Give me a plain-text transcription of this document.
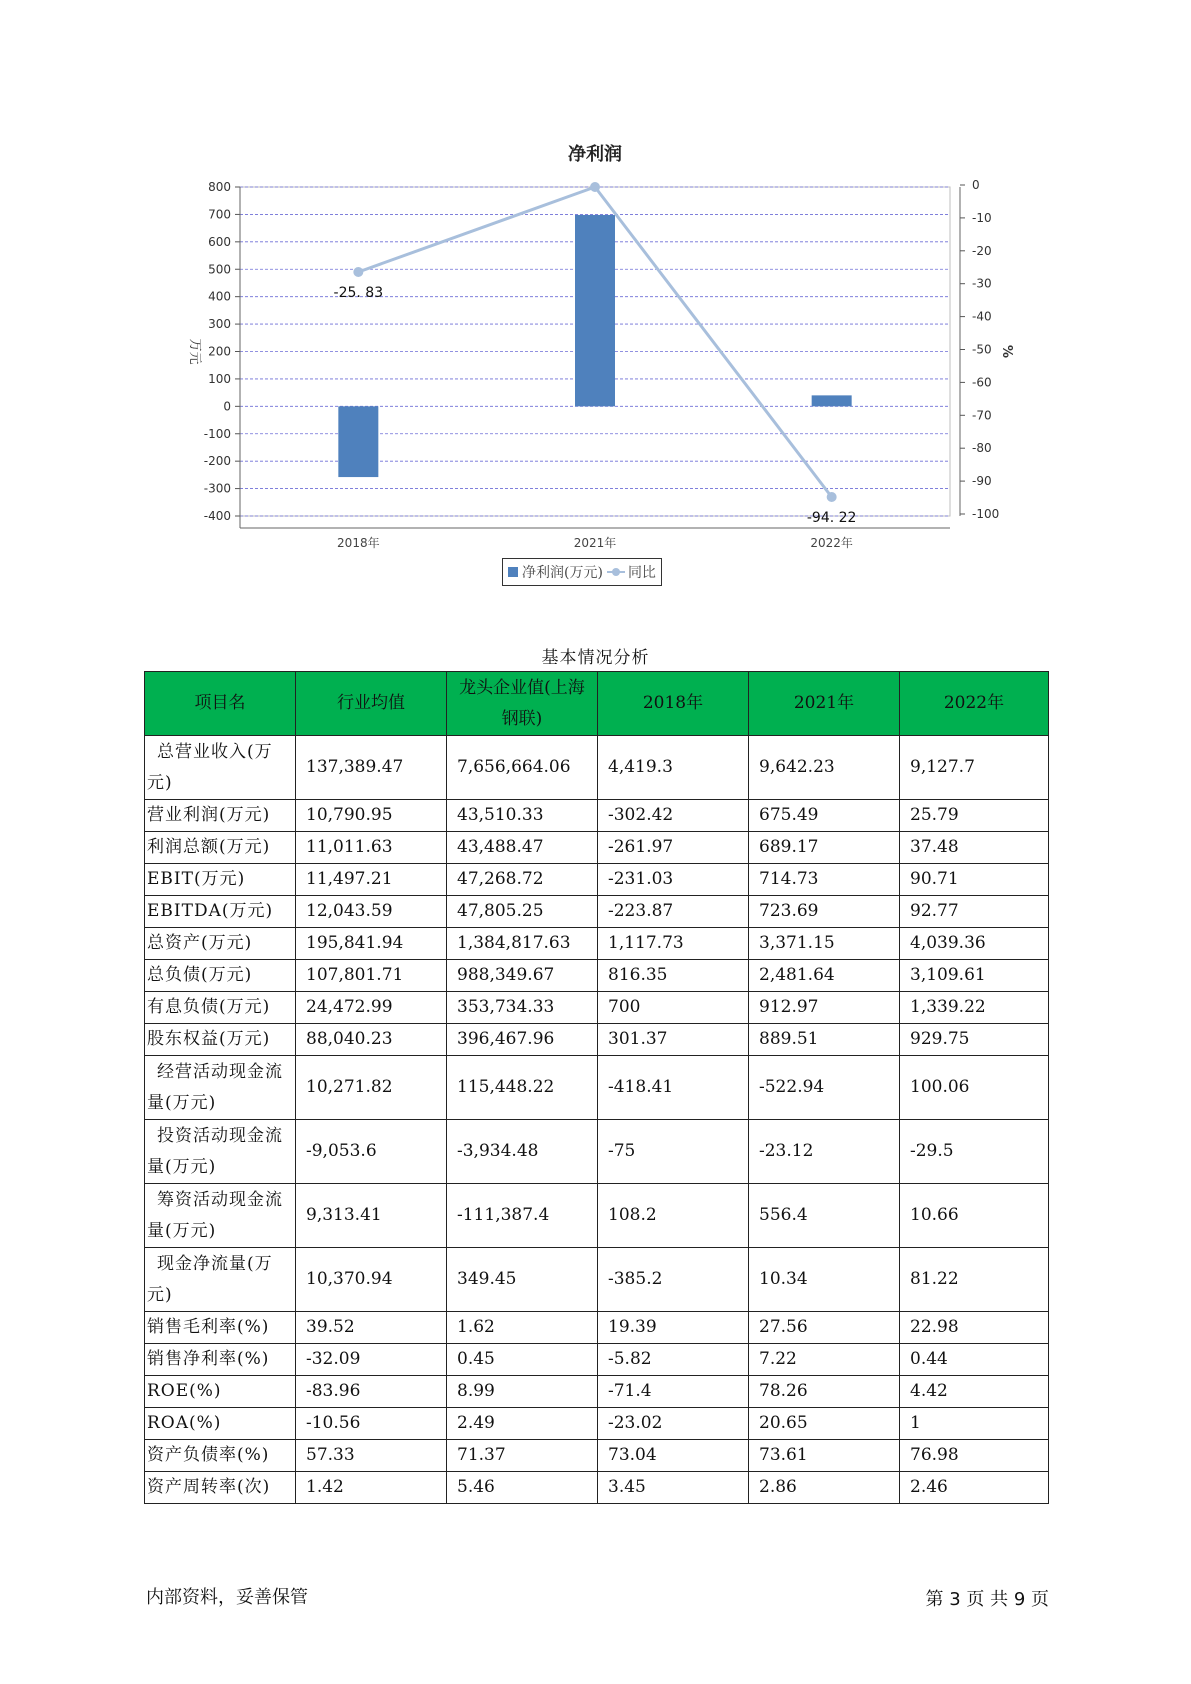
净利润
800
700
600
500
400
300
200
100
0
-100
-200
-300
-400
0
-10
-20
-30
-40
-50
-60
-70
-80
-90
-100
万元	%
2018年	2021年	2022年
-25. 83
-94. 22
净利润(万元) 同比
基本情况分析
项目名	行业均值	龙头企业值(上海钢联)	2018年	2021年	2022年
总营业收入(万元)	137,389.47	7,656,664.06	4,419.3	9,642.23	9,127.7
营业利润(万元)	10,790.95	43,510.33	-302.42	675.49	25.79
利润总额(万元)	11,011.63	43,488.47	-261.97	689.17	37.48
EBIT(万元)	11,497.21	47,268.72	-231.03	714.73	90.71
EBITDA(万元)	12,043.59	47,805.25	-223.87	723.69	92.77
总资产(万元)	195,841.94	1,384,817.63	1,117.73	3,371.15	4,039.36
总负债(万元)	107,801.71	988,349.67	816.35	2,481.64	3,109.61
有息负债(万元)	24,472.99	353,734.33	700	912.97	1,339.22
股东权益(万元)	88,040.23	396,467.96	301.37	889.51	929.75
经营活动现金流量(万元)	10,271.82	115,448.22	-418.41	-522.94	100.06
投资活动现金流量(万元)	-9,053.6	-3,934.48	-75	-23.12	-29.5
筹资活动现金流量(万元)	9,313.41	-111,387.4	108.2	556.4	10.66
现金净流量(万元)	10,370.94	349.45	-385.2	10.34	81.22
销售毛利率(%)	39.52	1.62	19.39	27.56	22.98
销售净利率(%)	-32.09	0.45	-5.82	7.22	0.44
ROE(%)	-83.96	8.99	-71.4	78.26	4.42
ROA(%)	-10.56	2.49	-23.02	20.65	1
资产负债率(%)	57.33	71.37	73.04	73.61	76.98
资产周转率(次)	1.42	5.46	3.45	2.86	2.46
内部资料，妥善保管	第 3 页 共 9 页
